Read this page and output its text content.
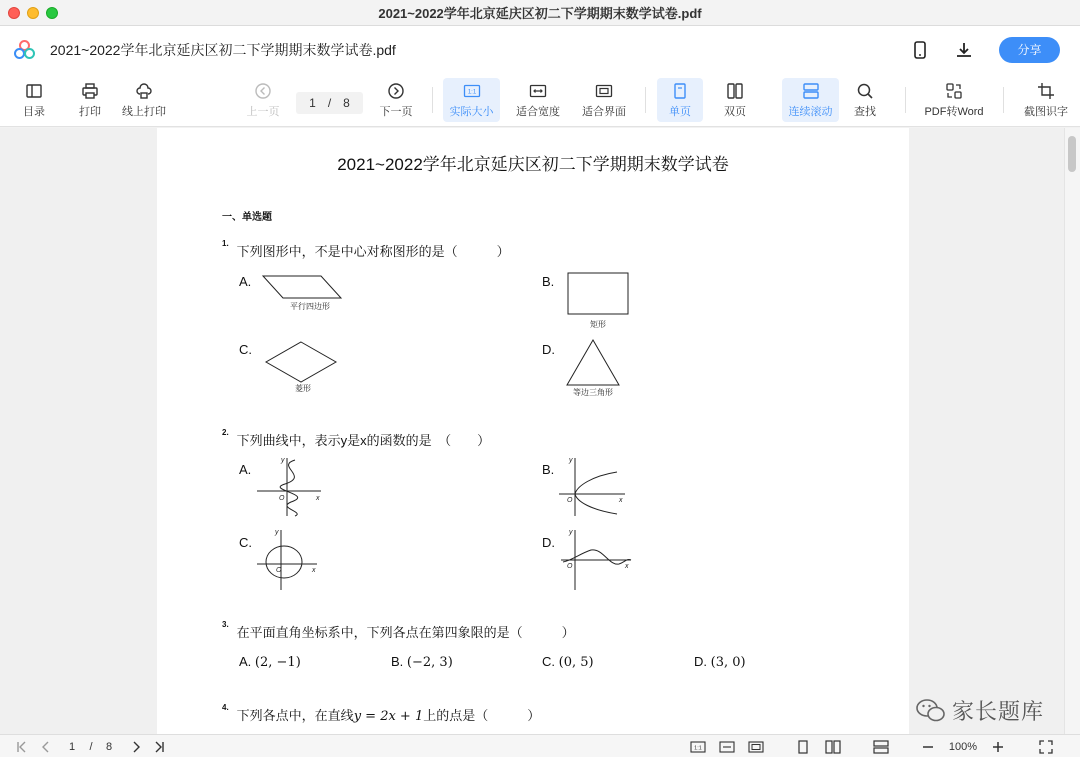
2021~2022学年北京延庆区初二下学期期末数学试卷.pdf
2021~2022学年北京延庆区初二下学期期末数学试卷.pdf	分享
目录	打印 线上打印	上一页
1 / 8
下一页
1:1
实际大小 适合宽度 适合界面	单页	双页	连续滚动 查找	PDF转Word	截图识字
2021~2022学年北京延庆区初二下学期期末数学试卷
一、单选题
$^{1.}$下列图形中，不是中心对称图形的是（　　　）
A.
平行四边形
B.
矩形
C.
菱形
D.
等边三角形
$^{2.}$下列曲线中，表示y是x的函数的是　（　　）
A.
y
x
O
B.
y
x
O
C.
y
x
O
D.
y
x
O
$^{3.}$在平面直角坐标系中，下列各点在第四象限的是（　　　）
A. (2, −1)	B. (−2, 3)	C. (0, 5)	D. (3, 0)
$^{4.}$下列各点中，在直线y = 2x + 1上的点是（　　　）	家长题库
1	/	8	1:1	100%
